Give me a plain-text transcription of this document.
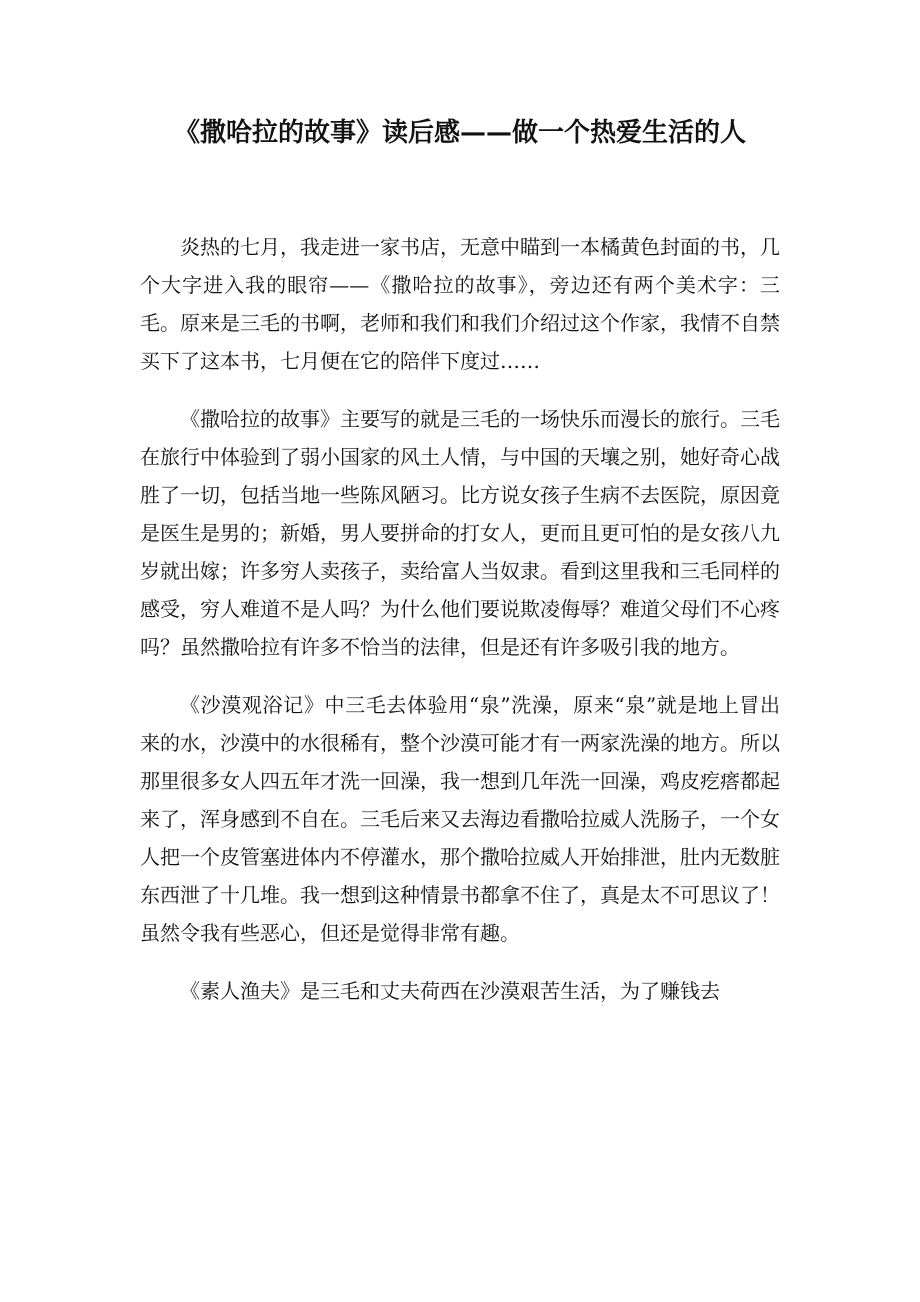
《撒哈拉的故事》读后感——做一个热爱生活的人

炎热的七月，我走进一家书店，无意中瞄到一本橘黄色封面的书，几个大字进入我的眼帘——《撒哈拉的故事》，旁边还有两个美术字：三毛。原来是三毛的书啊，老师和我们和我们介绍过这个作家，我情不自禁买下了这本书，七月便在它的陪伴下度过……

《撒哈拉的故事》主要写的就是三毛的一场快乐而漫长的旅行。三毛在旅行中体验到了弱小国家的风土人情，与中国的天壤之别，她好奇心战胜了一切，包括当地一些陈风陋习。比方说女孩子生病不去医院，原因竟是医生是男的；新婚，男人要拼命的打女人，更而且更可怕的是女孩八九岁就出嫁；许多穷人卖孩子，卖给富人当奴隶。看到这里我和三毛同样的感受，穷人难道不是人吗？为什么他们要说欺凌侮辱？难道父母们不心疼吗？虽然撒哈拉有许多不恰当的法律，但是还有许多吸引我的地方。

《沙漠观浴记》中三毛去体验用“泉”洗澡，原来“泉”就是地上冒出来的水，沙漠中的水很稀有，整个沙漠可能才有一两家洗澡的地方。所以那里很多女人四五年才洗一回澡，我一想到几年洗一回澡，鸡皮疙瘩都起来了，浑身感到不自在。三毛后来又去海边看撒哈拉威人洗肠子，一个女人把一个皮管塞进体内不停灌水，那个撒哈拉威人开始排泄，肚内无数脏东西泄了十几堆。我一想到这种情景书都拿不住了，真是太不可思议了！虽然令我有些恶心，但还是觉得非常有趣。

《素人渔夫》是三毛和丈夫荷西在沙漠艰苦生活，为了赚钱去
